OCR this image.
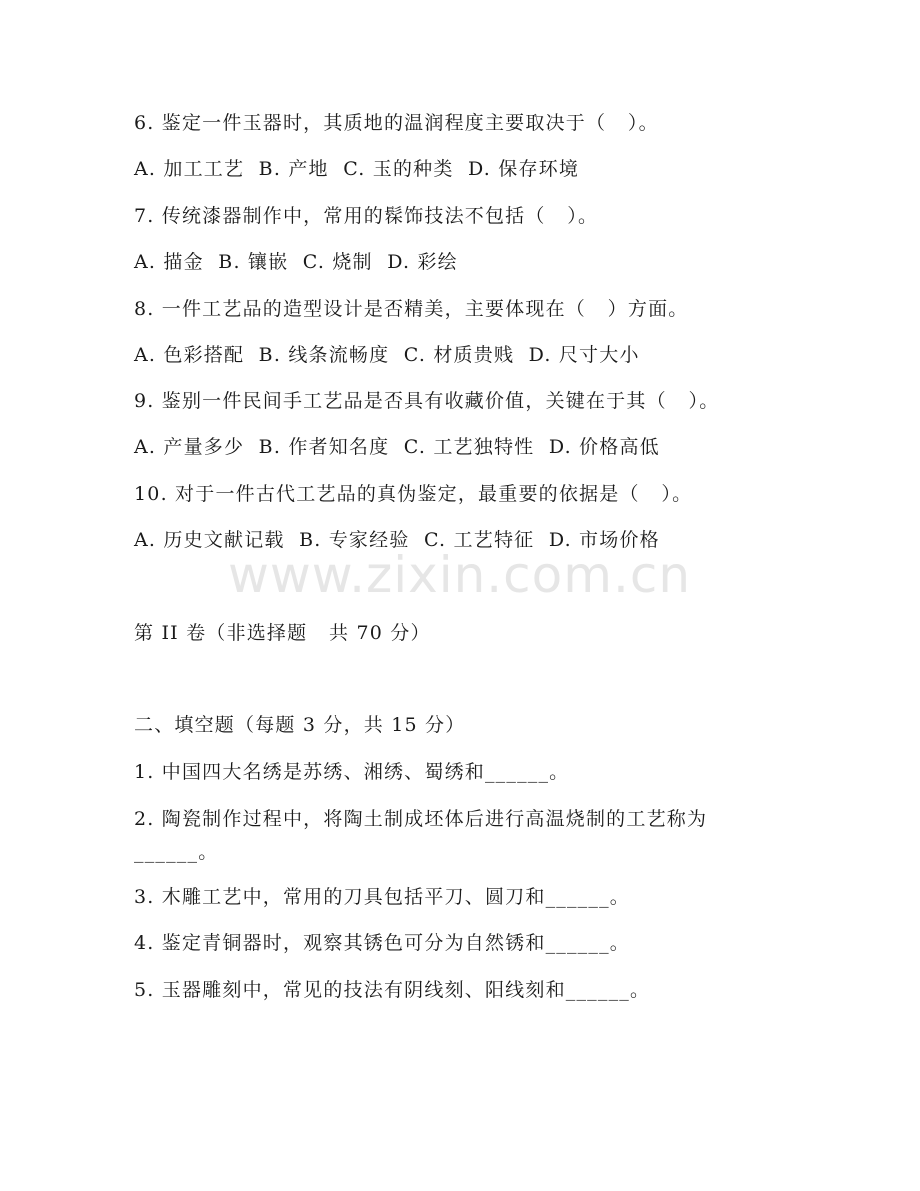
www.zixin.com.cn
6. 鉴定一件玉器时，其质地的温润程度主要取决于（   ）。
A. 加工工艺  B. 产地  C. 玉的种类  D. 保存环境
7. 传统漆器制作中，常用的髹饰技法不包括（   ）。
A. 描金  B. 镶嵌  C. 烧制  D. 彩绘
8. 一件工艺品的造型设计是否精美，主要体现在（   ）方面。
A. 色彩搭配  B. 线条流畅度  C. 材质贵贱  D. 尺寸大小
9. 鉴别一件民间手工艺品是否具有收藏价值，关键在于其（   ）。
A. 产量多少  B. 作者知名度  C. 工艺独特性  D. 价格高低
10. 对于一件古代工艺品的真伪鉴定，最重要的依据是（   ）。
A. 历史文献记载  B. 专家经验  C. 工艺特征  D. 市场价格
第 II 卷（非选择题   共 70 分）
二、填空题（每题 3 分，共 15 分）
1. 中国四大名绣是苏绣、湘绣、蜀绣和______。
2. 陶瓷制作过程中，将陶土制成坯体后进行高温烧制的工艺称为
______。
3. 木雕工艺中，常用的刀具包括平刀、圆刀和______。
4. 鉴定青铜器时，观察其锈色可分为自然锈和______。
5. 玉器雕刻中，常见的技法有阴线刻、阳线刻和______。
